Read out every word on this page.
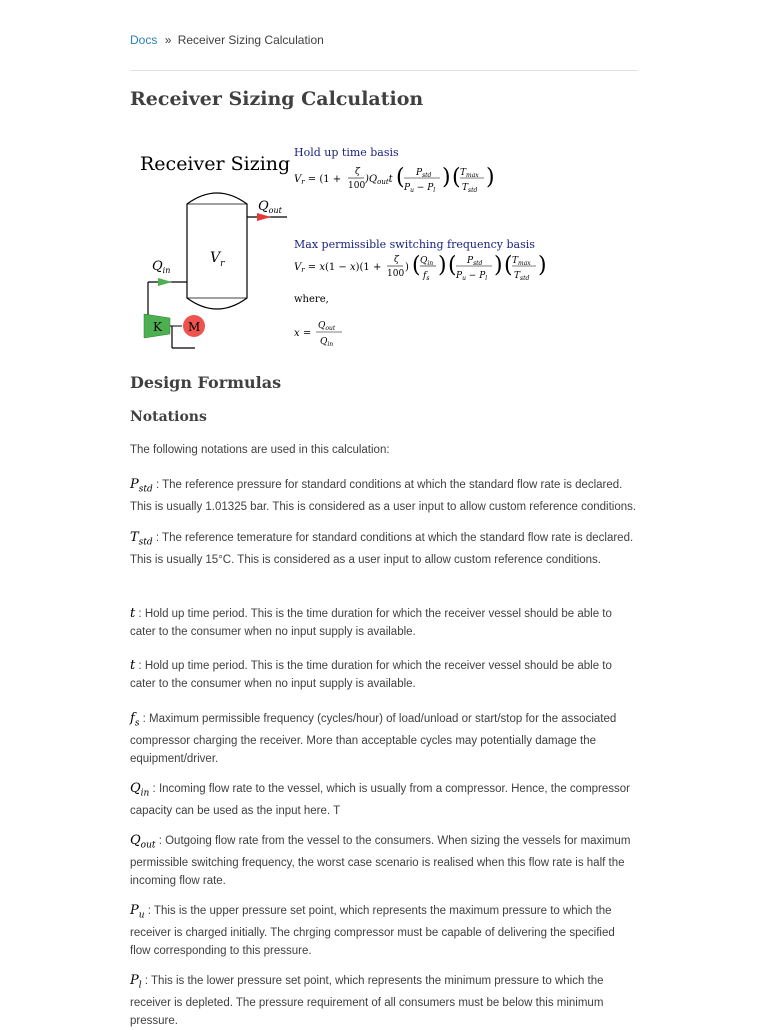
Docs » Receiver Sizing Calculation
Receiver Sizing Calculation
Receiver Sizing
$V_r$
$Q_{out}$
$Q_{in}$
K M
Hold up time basis
$V_r = (1$ +
ζ
100
)$Q_{out}t$ ( $P_{std}$
$P_u - P_l$
) ( $T_{max}$
$T_{std}$
)
Max permissible switching frequency basis
$V_r = x(1 - x)(1$ +
ζ
100
) ( $Q_{in}$
$f_s$
) ( $P_{std}$
$P_u - P_l$
) ( $T_{max}$
$T_{std}$
)
where,
x =
$Q_{out}$
$Q_{in}$
Design Formulas
Notations

The following notations are used in this calculation:

$P_{std}$ : The reference pressure for standard conditions at which the standard flow rate is declared. This is usually 1.01325 bar. This is considered as a user input to allow custom reference conditions.

$T_{std}$ : The reference temerature for standard conditions at which the standard flow rate is declared. This is usually 15°C. This is considered as a user input to allow custom reference conditions.

t : Hold up time period. This is the time duration for which the receiver vessel should be able to cater to the consumer when no input supply is available.

t : Hold up time period. This is the time duration for which the receiver vessel should be able to cater to the consumer when no input supply is available.

$f_s$ : Maximum permissible frequency (cycles/hour) of load/unload or start/stop for the associated compressor charging the receiver. More than acceptable cycles may potentially damage the equipment/driver.

$Q_{in}$ : Incoming flow rate to the vessel, which is usually from a compressor. Hence, the compressor capacity can be used as the input here. T

$Q_{out}$ : Outgoing flow rate from the vessel to the consumers. When sizing the vessels for maximum permissible switching frequency, the worst case scenario is realised when this flow rate is half the incoming flow rate.

$P_u$ : This is the upper pressure set point, which represents the maximum pressure to which the receiver is charged initially. The chrging compressor must be capable of delivering the specified flow corresponding to this pressure.

$P_l$ : This is the lower pressure set point, which represents the minimum pressure to which the receiver is depleted. The pressure requirement of all consumers must be below this minimum pressure.
